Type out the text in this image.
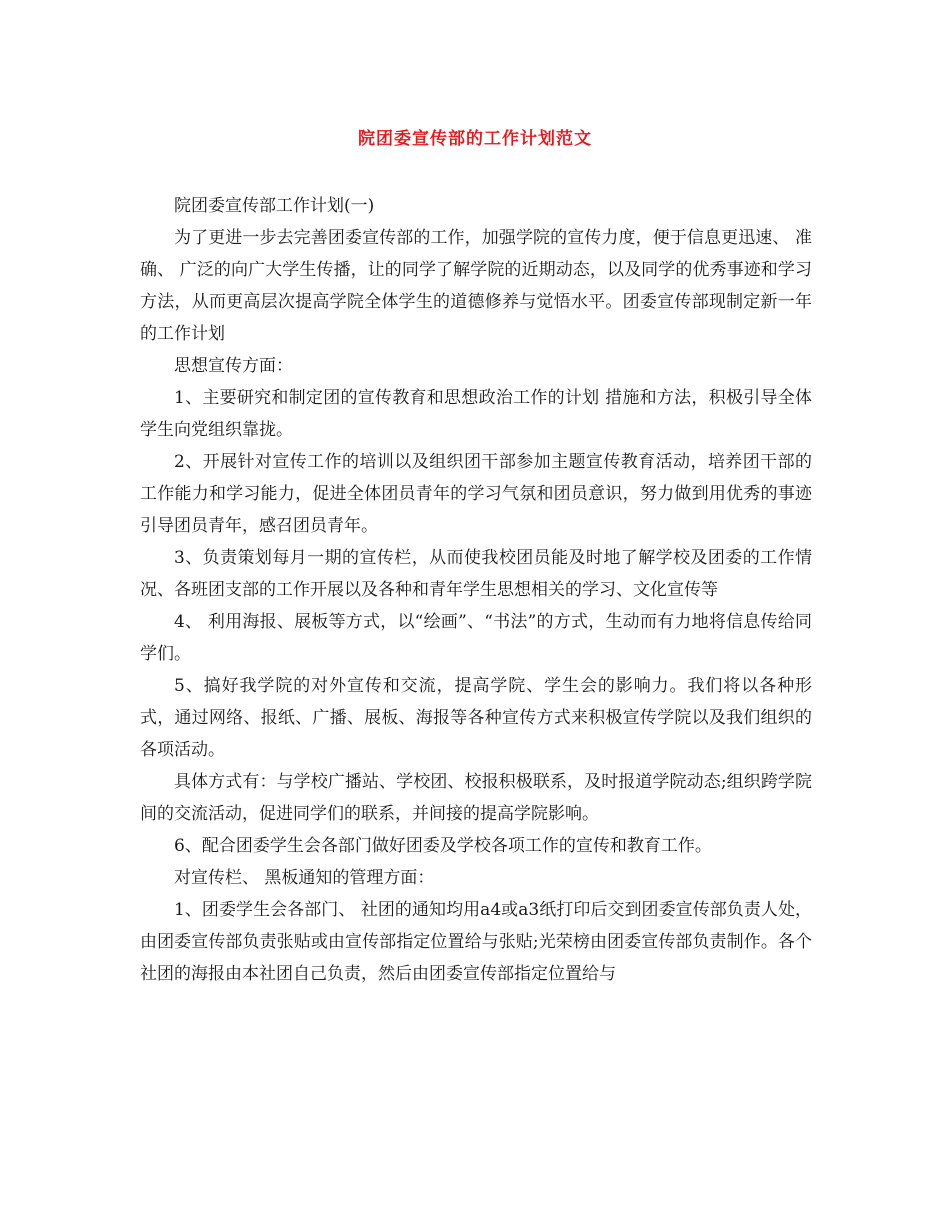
院团委宣传部的工作计划范文

院团委宣传部工作计划(一)

为了更进一步去完善团委宣传部的工作，加强学院的宣传力度，便于信息更迅速、 准确、 广泛的向广大学生传播，让的同学了解学院的近期动态，以及同学的优秀事迹和学习方法，从而更高层次提高学院全体学生的道德修养与觉悟水平。团委宣传部现制定新一年的工作计划

思想宣传方面：

1、主要研究和制定团的宣传教育和思想政治工作的计划 措施和方法，积极引导全体学生向党组织靠拢。

2、开展针对宣传工作的培训以及组织团干部参加主题宣传教育活动，培养团干部的工作能力和学习能力，促进全体团员青年的学习气氛和团员意识，努力做到用优秀的事迹引导团员青年，感召团员青年。

3、负责策划每月一期的宣传栏，从而使我校团员能及时地了解学校及团委的工作情况、各班团支部的工作开展以及各种和青年学生思想相关的学习、文化宣传等

4、 利用海报、展板等方式，以“绘画”、“书法”的方式，生动而有力地将信息传给同学们。

5、搞好我学院的对外宣传和交流，提高学院、学生会的影响力。我们将以各种形式，通过网络、报纸、广播、展板、海报等各种宣传方式来积极宣传学院以及我们组织的各项活动。

具体方式有：与学校广播站、学校团、校报积极联系，及时报道学院动态;组织跨学院间的交流活动，促进同学们的联系，并间接的提高学院影响。

6、配合团委学生会各部门做好团委及学校各项工作的宣传和教育工作。

对宣传栏、 黑板通知的管理方面：

1、团委学生会各部门、 社团的通知均用a4或a3纸打印后交到团委宣传部负责人处，由团委宣传部负责张贴或由宣传部指定位置给与张贴;光荣榜由团委宣传部负责制作。各个社团的海报由本社团自己负责，然后由团委宣传部指定位置给与
